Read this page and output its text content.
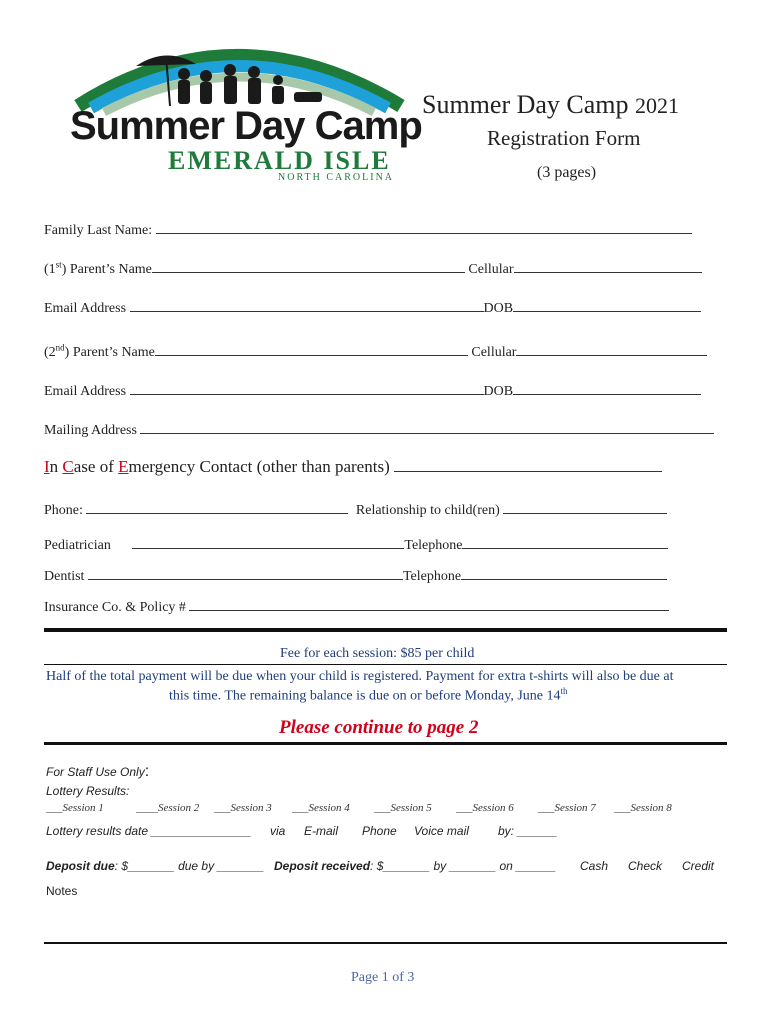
Summer Day Camp
EMERALD ISLE
NORTH CAROLINA
Summer Day Camp 2021
Registration Form
(3 pages)
Family Last Name:
(1st) Parent’s Name	Cellular
Email Address	DOB
(2nd) Parent’s Name	Cellular
Email Address	DOB
Mailing Address
In Case of Emergency Contact (other than parents)
Phone:	Relationship to child(ren)
Pediatrician	Telephone
Dentist	Telephone
Insurance Co. & Policy #
Fee for each session: $85 per child
Half of the total payment will be due when your child is registered. Payment for extra t-shirts will also be due at
this time. The remaining balance is due on or before Monday, June 14th
Please continue to page 2
For Staff Use Only:
Lottery Results:
___Session 1	____Session 2 ___Session 3 ___Session 4 ___Session 5 ___Session 6 ___Session 7 ___Session 8
Lottery results date _______________ via E-mail Phone Voice mail by: ______
Deposit due: $_______ due by _______ Deposit received: $_______ by _______ on ______ Cash Check Credit
Notes
Page 1 of 3
